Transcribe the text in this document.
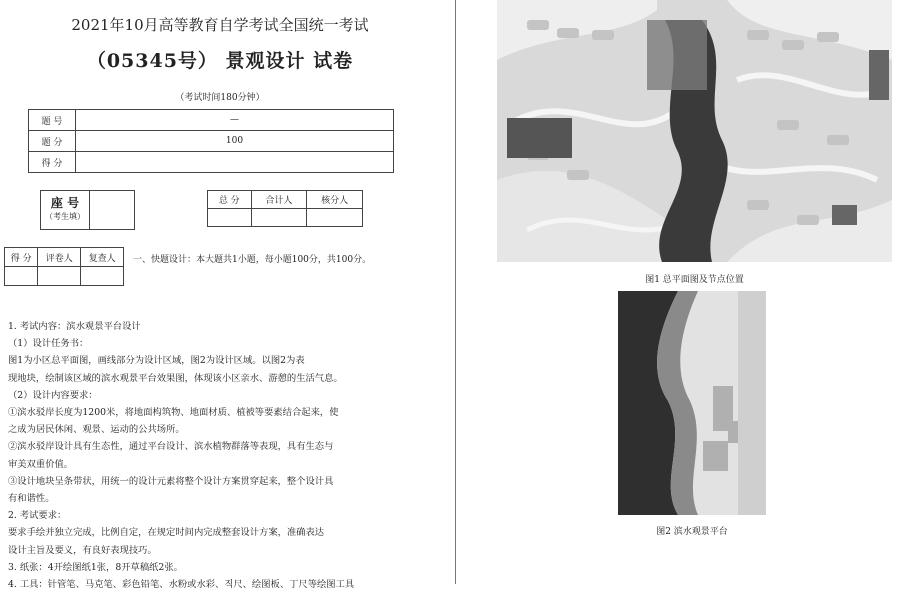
2021年10月高等教育自学考试全国统一考试
（05345号） 景观设计 试卷
（考试时间180分钟）
题 号	—
题 分	100
得 分	
座 号
（考生填）

总 分	合计人	核分人

得 分	评卷人	复查人
		一、快题设计：本大题共1小题，每小题100分，共100分。

1. 考试内容：滨水观景平台设计

（1）设计任务书：

图1为小区总平面图，画线部分为设计区域，图2为设计区域。以图2为表

现地块，绘制该区域的滨水观景平台效果图，体现该小区亲水、游憩的生活气息。

（2）设计内容要求：

①滨水驳岸长度为1200米，将地面构筑物、地面材质、植被等要素结合起来，使

之成为居民休闲、观景、运动的公共场所。

②滨水驳岸设计具有生态性，通过平台设计、滨水植物群落等表现，具有生态与

审美双重价值。

③设计地块呈条带状，用统一的设计元素将整个设计方案贯穿起来，整个设计具

有和谐性。

2. 考试要求：

要求手绘并独立完成，比例自定，在规定时间内完成整套设计方案，准确表达

设计主旨及要义，有良好表现技巧。

3. 纸张：4开绘图纸1张，8开草稿纸2张。

4. 工具：针管笔、马克笔、彩色铅笔、水粉或水彩、직尺、绘图板、丁尺等绘图工具

图1 总平面图及节点位置
图2 滨水观景平台
